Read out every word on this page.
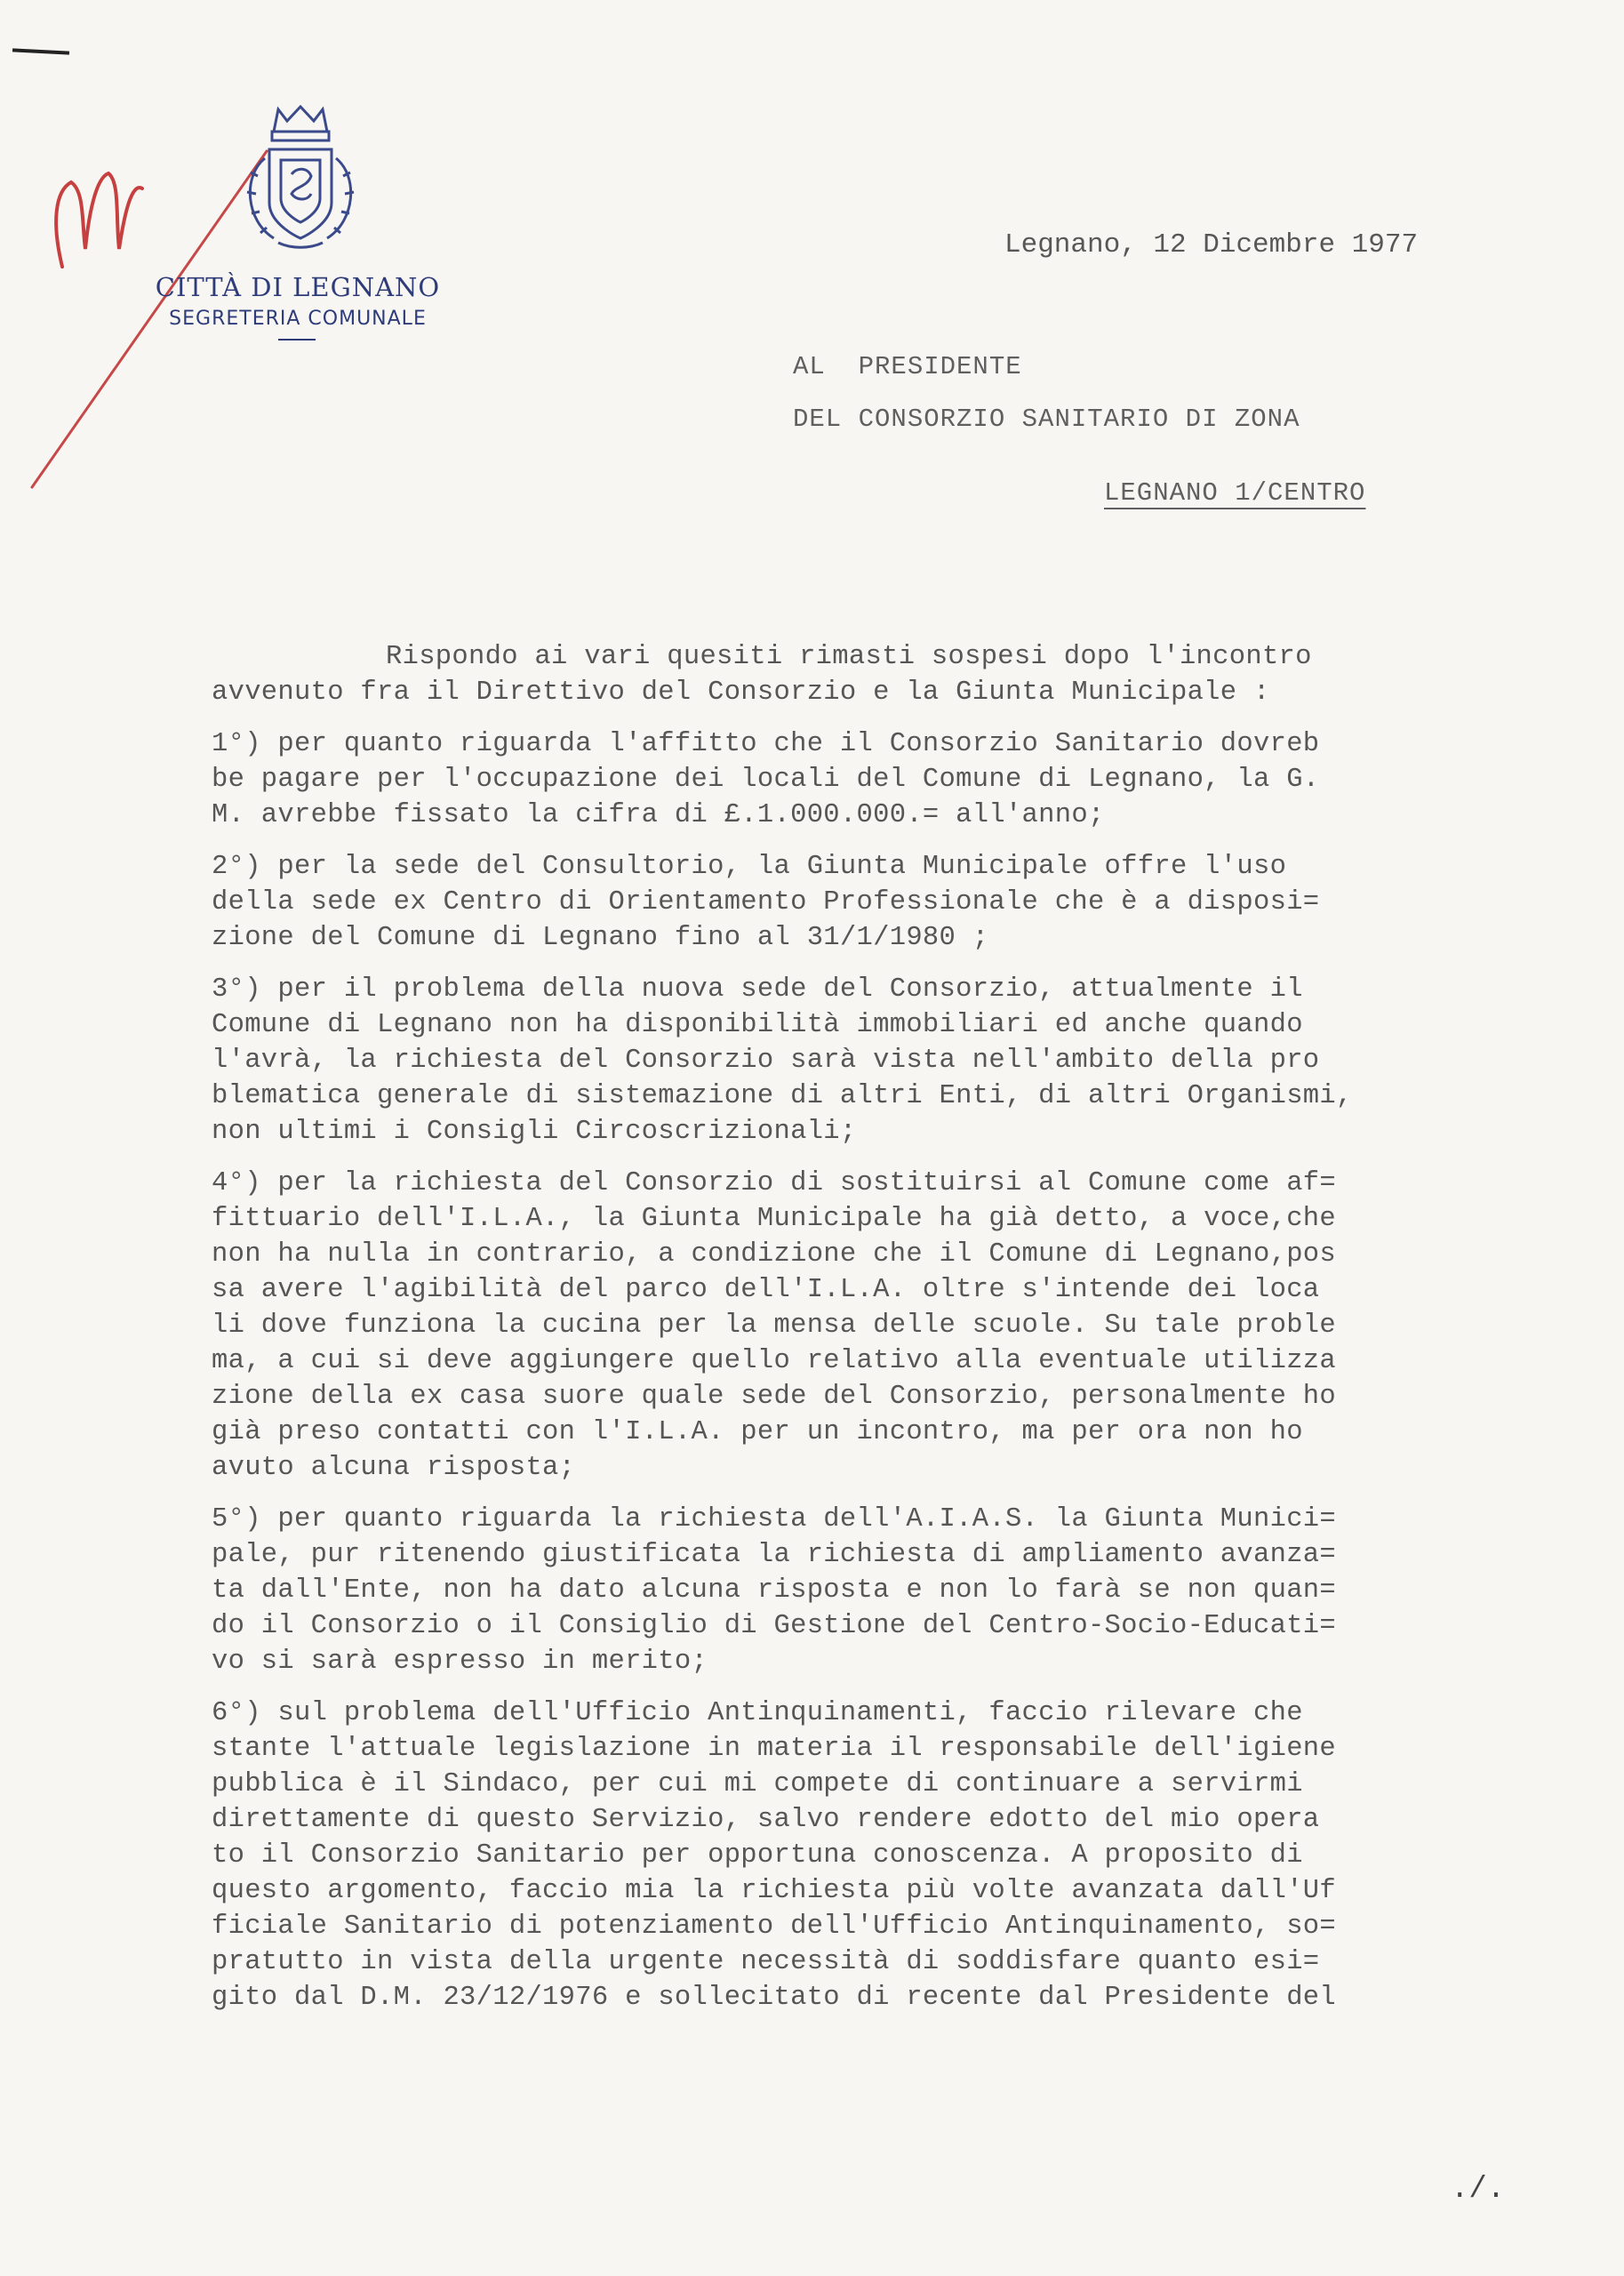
CITTÀ DI LEGNANO
SEGRETERIA COMUNALE
Legnano, 12 Dicembre 1977
AL  PRESIDENTE
DEL CONSORZIO SANITARIO DI ZONA
LEGNANO 1/CENTRO
Rispondo ai vari quesiti rimasti sospesi dopo l'incontro
avvenuto fra il Direttivo del Consorzio e la Giunta Municipale :
1°) per quanto riguarda l'affitto che il Consorzio Sanitario dovreb
be pagare per l'occupazione dei locali del Comune di Legnano, la G.
M. avrebbe fissato la cifra di £.1.000.000.= all'anno;
2°) per la sede del Consultorio, la Giunta Municipale offre l'uso
della sede ex Centro di Orientamento Professionale che è a disposi=
zione del Comune di Legnano fino al 31/1/1980 ;
3°) per il problema della nuova sede del Consorzio, attualmente il
Comune di Legnano non ha disponibilità immobiliari ed anche quando
l'avrà, la richiesta del Consorzio sarà vista nell'ambito della pro
blematica generale di sistemazione di altri Enti, di altri Organismi,
non ultimi i Consigli Circoscrizionali;
4°) per la richiesta del Consorzio di sostituirsi al Comune come af=
fittuario dell'I.L.A., la Giunta Municipale ha già detto, a voce,che
non ha nulla in contrario, a condizione che il Comune di Legnano,pos
sa avere l'agibilità del parco dell'I.L.A. oltre s'intende dei loca
li dove funziona la cucina per la mensa delle scuole. Su tale proble
ma, a cui si deve aggiungere quello relativo alla eventuale utilizza
zione della ex casa suore quale sede del Consorzio, personalmente ho
già preso contatti con l'I.L.A. per un incontro, ma per ora non ho
avuto alcuna risposta;
5°) per quanto riguarda la richiesta dell'A.I.A.S. la Giunta Munici=
pale, pur ritenendo giustificata la richiesta di ampliamento avanza=
ta dall'Ente, non ha dato alcuna risposta e non lo farà se non quan=
do il Consorzio o il Consiglio di Gestione del Centro-Socio-Educati=
vo si sarà espresso in merito;
6°) sul problema dell'Ufficio Antinquinamenti, faccio rilevare che
stante l'attuale legislazione in materia il responsabile dell'igiene
pubblica è il Sindaco, per cui mi compete di continuare a servirmi
direttamente di questo Servizio, salvo rendere edotto del mio opera
to il Consorzio Sanitario per opportuna conoscenza. A proposito di
questo argomento, faccio mia la richiesta più volte avanzata dall'Uf
ficiale Sanitario di potenziamento dell'Ufficio Antinquinamento, so=
pratutto in vista della urgente necessità di soddisfare quanto esi=
gito dal D.M. 23/12/1976 e sollecitato di recente dal Presidente del
./.
